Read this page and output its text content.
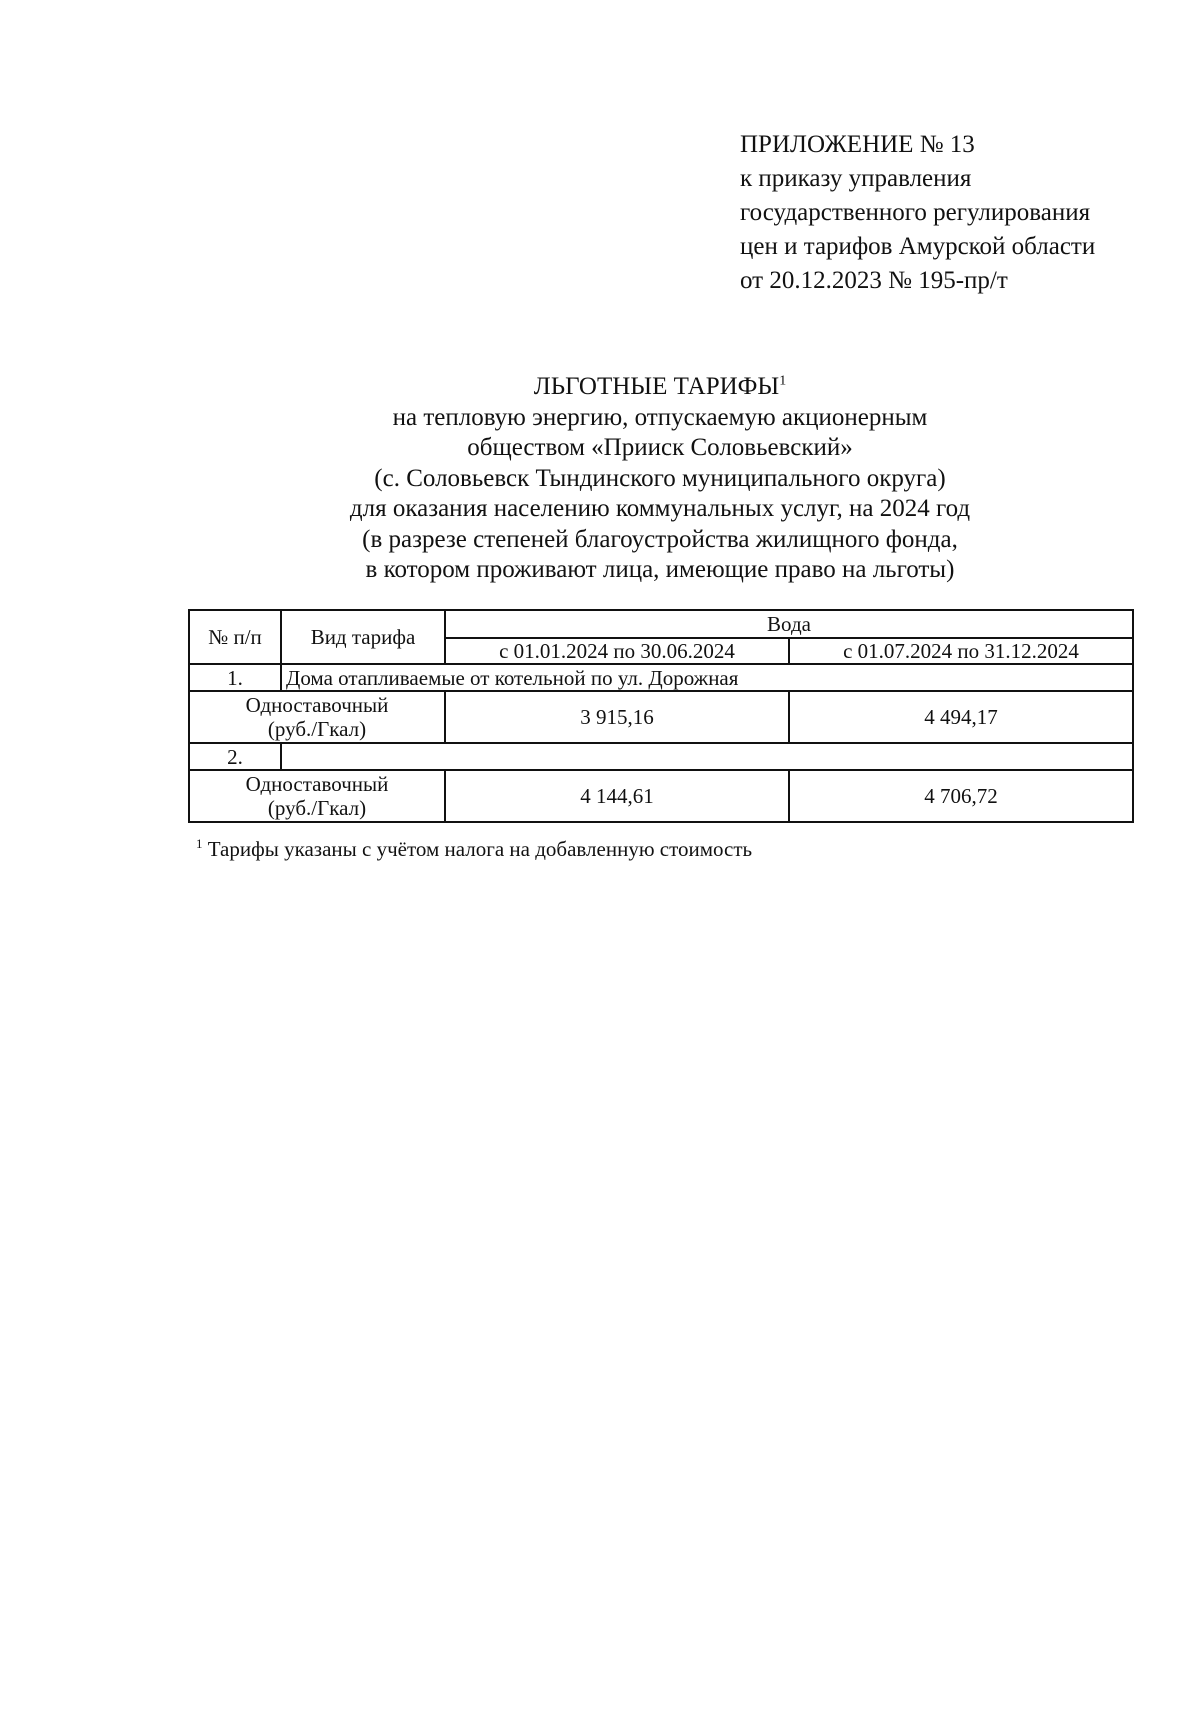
ПРИЛОЖЕНИЕ № 13
к приказу управления
государственного регулирования
цен и тарифов Амурской области
от 20.12.2023 № 195-пр/т
ЛЬГОТНЫЕ ТАРИФЫ$^1$
на тепловую энергию, отпускаемую акционерным
обществом «Прииск Соловьевский»
(с. Соловьевск Тындинского муниципального округа)
для оказания населению коммунальных услуг, на 2024 год
(в разрезе степеней благоустройства жилищного фонда,
в котором проживают лица, имеющие право на льготы)
№ п/п	Вид тарифа	Вода	
		с 01.01.2024 по 30.06.2024	с 01.07.2024 по 31.12.2024
1.	Дома отапливаемые от котельной по ул. Дорожная		

Одноставочный
(руб./Гкал)		3 915,16	4 494,17
2.			

Одноставочный
(руб./Гкал)		4 144,61	4 706,72
$^1$ Тарифы указаны с учётом налога на добавленную стоимость
